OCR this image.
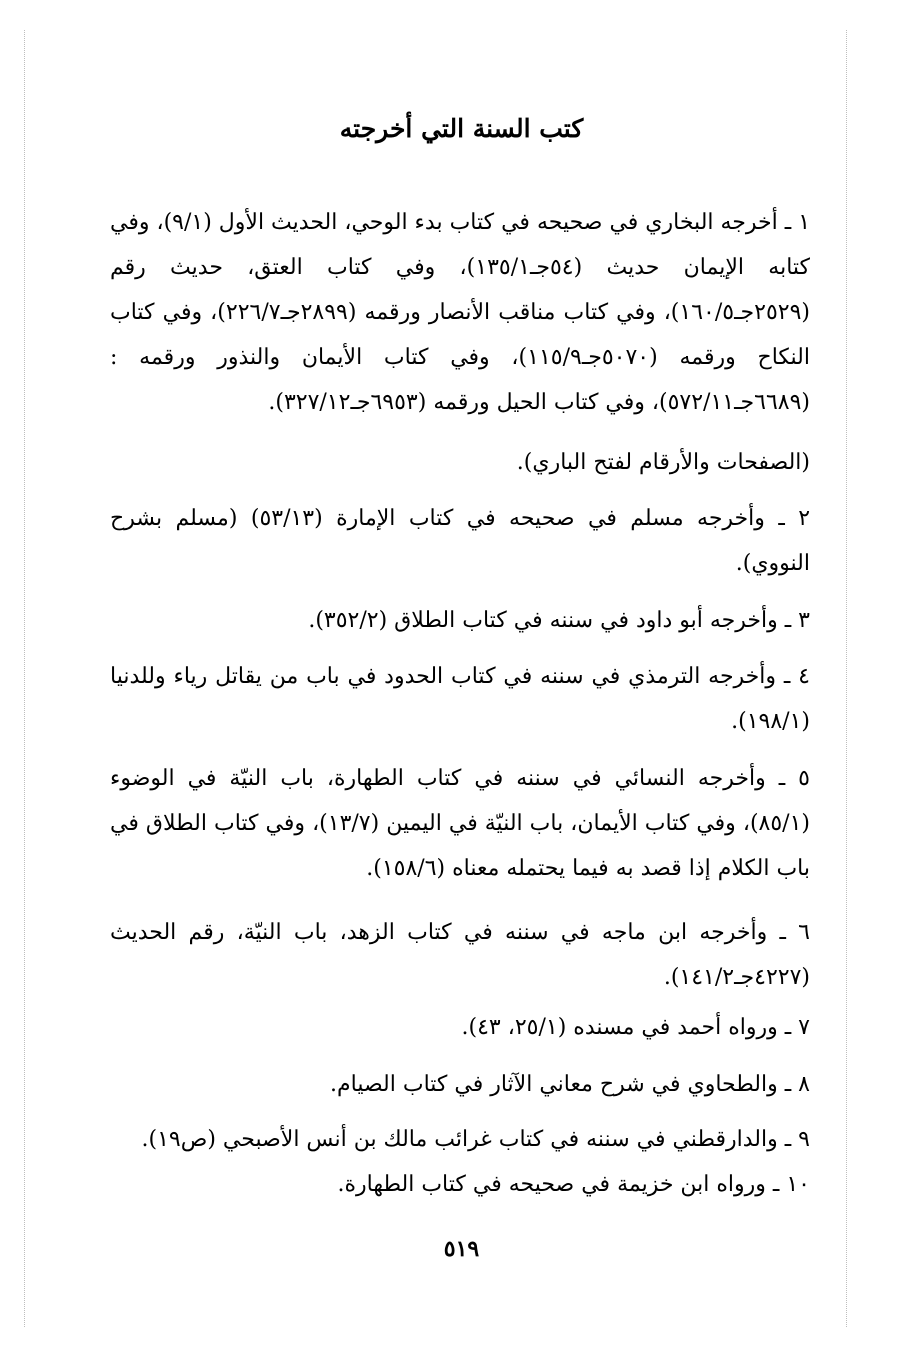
كتب السنة التي أخرجته

١ ـ أخرجه البخاري في صحيحه في كتاب بدء الوحي، الحديث الأول (٩/١)، وفي كتابه الإيمان حديث (٥٤جـ١٣٥/١)، وفي كتاب العتق، حديث رقم (٢٥٢٩جـ١٦٠/٥)، وفي كتاب مناقب الأنصار ورقمه (٢٨٩٩جـ٢٢٦/٧)، وفي كتاب النكاح ورقمه (٥٠٧٠جـ١١٥/٩)، وفي كتاب الأيمان والنذور ورقمه : (٦٦٨٩جـ٥٧٢/١١)، وفي كتاب الحيل ورقمه (٦٩٥٣جـ٣٢٧/١٢).

(الصفحات والأرقام لفتح الباري).

٢ ـ وأخرجه مسلم في صحيحه في كتاب الإمارة (٥٣/١٣) (مسلم بشرح النووي).

٣ ـ وأخرجه أبو داود في سننه في كتاب الطلاق (٣٥٢/٢).

٤ ـ وأخرجه الترمذي في سننه في كتاب الحدود في باب من يقاتل رياء وللدنيا (١٩٨/١).

٥ ـ وأخرجه النسائي في سننه في كتاب الطهارة، باب النيّة في الوضوء (٨٥/١)، وفي كتاب الأيمان، باب النيّة في اليمين (١٣/٧)، وفي كتاب الطلاق في باب الكلام إذا قصد به فيما يحتمله معناه (١٥٨/٦).

٦ ـ وأخرجه ابن ماجه في سننه في كتاب الزهد، باب النيّة، رقم الحديث (٤٢٢٧جـ١٤١/٢).

٧ ـ ورواه أحمد في مسنده (٢٥/١، ٤٣).

٨ ـ والطحاوي في شرح معاني الآثار في كتاب الصيام.

٩ ـ والدارقطني في سننه في كتاب غرائب مالك بن أنس الأصبحي (ص١٩).

١٠ ـ ورواه ابن خزيمة في صحيحه في كتاب الطهارة.

٥١٩
